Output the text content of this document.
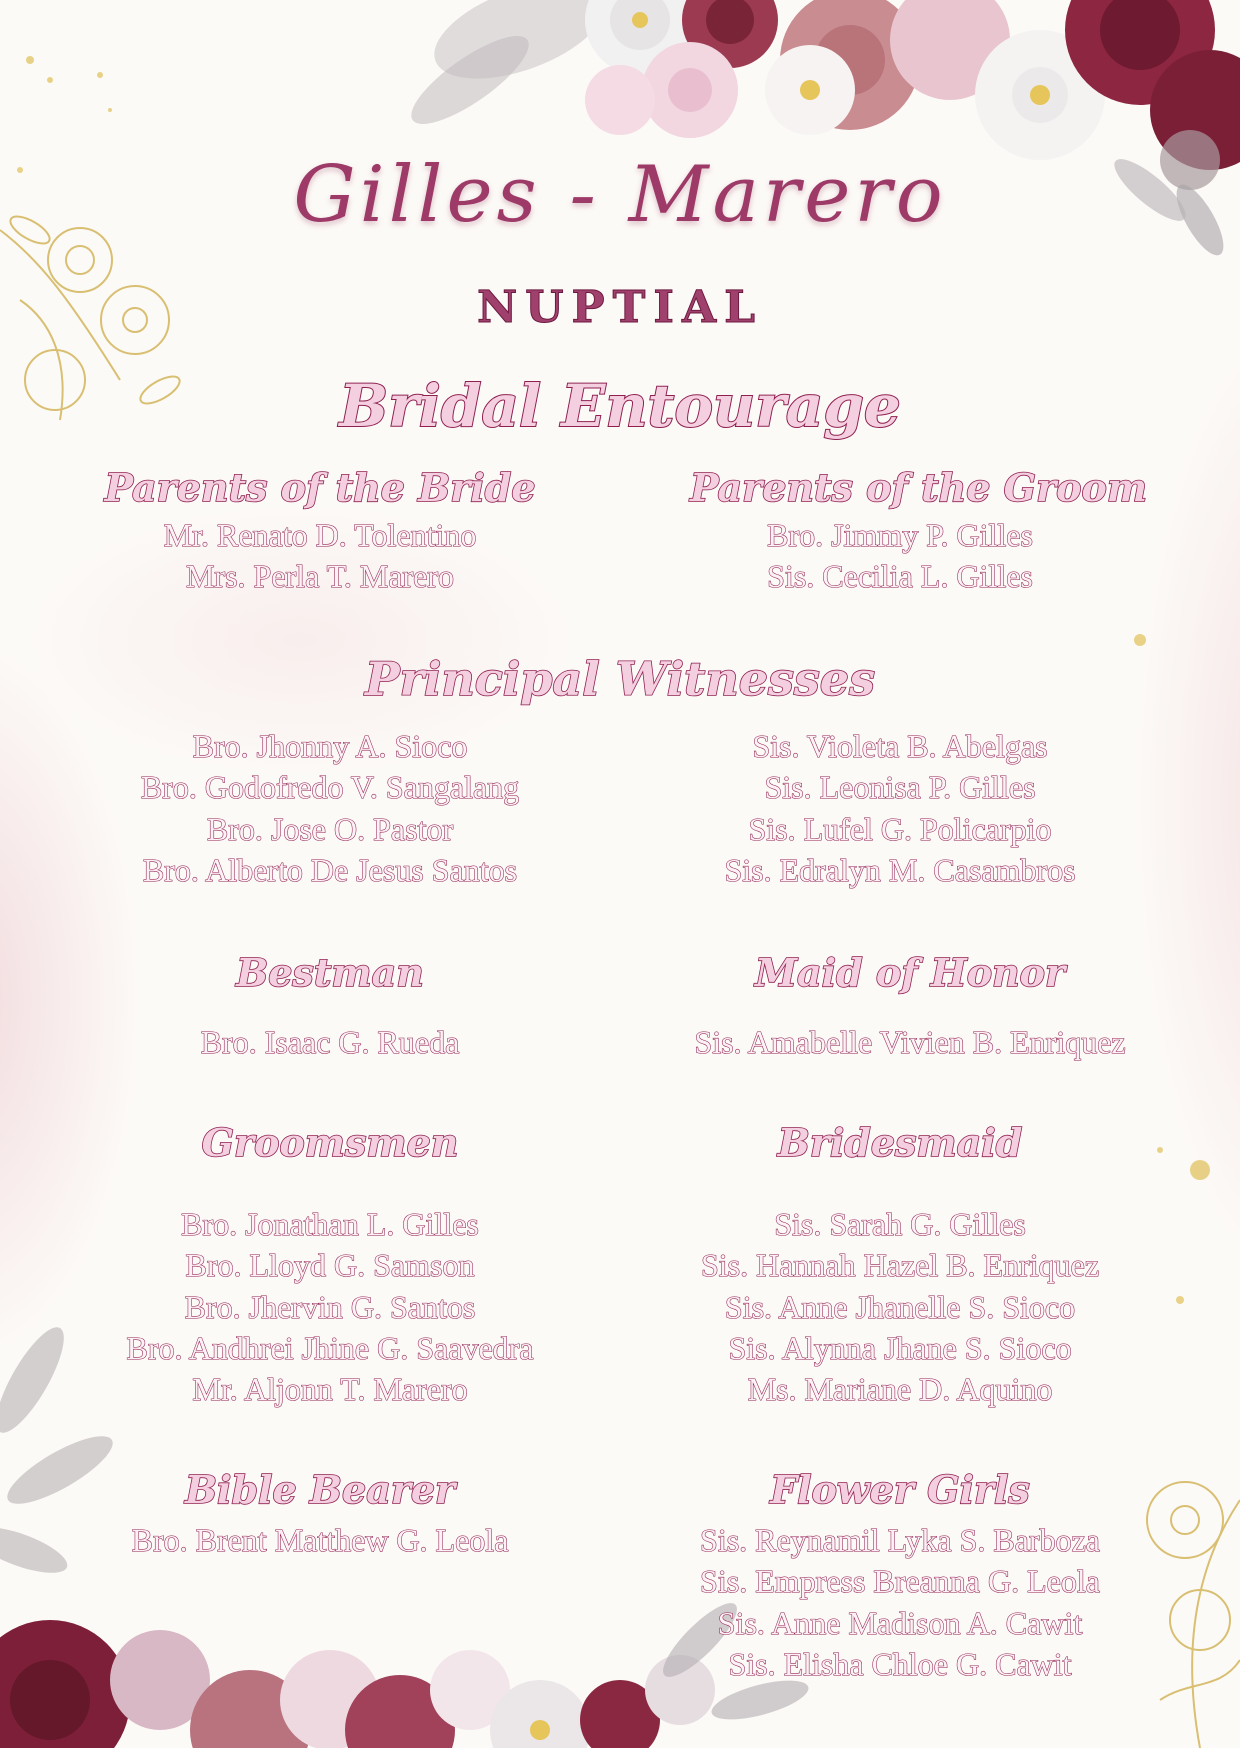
Gilles - Marero
NUPTIAL
Bridal Entourage
Parents of the Bride
Mr. Renato D. Tolentino
Mrs. Perla T. Marero
Parents of the Groom
Bro. Jimmy P. Gilles
Sis. Cecilia L. Gilles
Principal Witnesses
Bro. Jhonny A. Sioco
Bro. Godofredo V. Sangalang
Bro. Jose O. Pastor
Bro. Alberto De Jesus Santos
Sis. Violeta B. Abelgas
Sis. Leonisa P. Gilles
Sis. Lufel G. Policarpio
Sis. Edralyn M. Casambros
Bestman
Bro. Isaac G. Rueda
Maid of Honor
Sis. Amabelle Vivien B. Enriquez
Groomsmen
Bro. Jonathan L. Gilles
Bro. Lloyd G. Samson
Bro. Jhervin G. Santos
Bro. Andhrei Jhine G. Saavedra
Mr. Aljonn T. Marero
Bridesmaid
Sis. Sarah G. Gilles
Sis. Hannah Hazel B. Enriquez
Sis. Anne Jhanelle S. Sioco
Sis. Alynna Jhane S. Sioco
Ms. Mariane D. Aquino
Bible Bearer
Bro. Brent Matthew G. Leola
Flower Girls
Sis. Reynamil Lyka S. Barboza
Sis. Empress Breanna G. Leola
Sis. Anne Madison A. Cawit
Sis. Elisha Chloe G. Cawit
